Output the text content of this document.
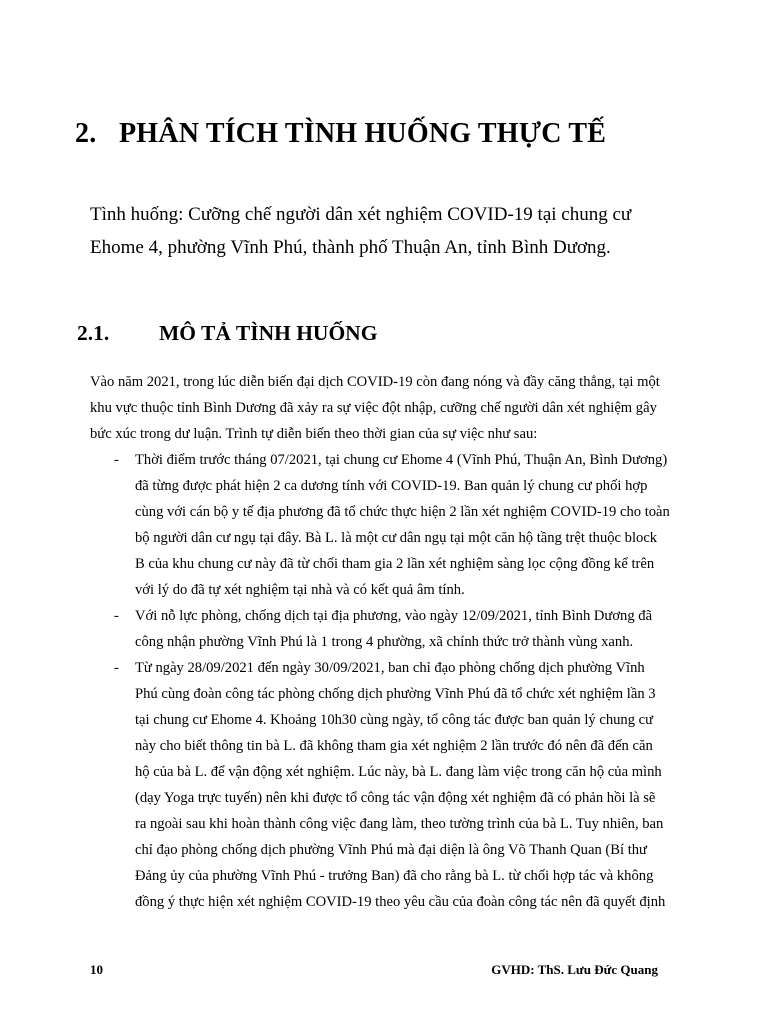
2. PHÂN TÍCH TÌNH HUỐNG THỰC TẾ

Tình huống: Cưỡng chế người dân xét nghiệm COVID-19 tại chung cư

Ehome 4, phường Vĩnh Phú, thành phố Thuận An, tỉnh Bình Dương.

2.1. MÔ TẢ TÌNH HUỐNG

Vào năm 2021, trong lúc diễn biến đại dịch COVID-19 còn đang nóng và đầy căng thẳng, tại một

khu vực thuộc tỉnh Bình Dương đã xảy ra sự việc đột nhập, cưỡng chế người dân xét nghiệm gây

bức xúc trong dư luận. Trình tự diễn biến theo thời gian của sự việc như sau:

- Thời điểm trước tháng 07/2021, tại chung cư Ehome 4 (Vĩnh Phú, Thuận An, Bình Dương)

đã từng được phát hiện 2 ca dương tính với COVID-19. Ban quản lý chung cư phối hợp

cùng với cán bộ y tế địa phương đã tổ chức thực hiện 2 lần xét nghiệm COVID-19 cho toàn

bộ người dân cư ngụ tại đây. Bà L. là một cư dân ngụ tại một căn hộ tầng trệt thuộc block

B của khu chung cư này đã từ chối tham gia 2 lần xét nghiệm sàng lọc cộng đồng kể trên

với lý do đã tự xét nghiệm tại nhà và có kết quả âm tính.

- Với nỗ lực phòng, chống dịch tại địa phương, vào ngày 12/09/2021, tỉnh Bình Dương đã

công nhận phường Vĩnh Phú là 1 trong 4 phường, xã chính thức trở thành vùng xanh.

- Từ ngày 28/09/2021 đến ngày 30/09/2021, ban chỉ đạo phòng chống dịch phường Vĩnh

Phú cùng đoàn công tác phòng chống dịch phường Vĩnh Phú đã tổ chức xét nghiệm lần 3

tại chung cư Ehome 4. Khoảng 10h30 cùng ngày, tổ công tác được ban quản lý chung cư

này cho biết thông tin bà L. đã không tham gia xét nghiệm 2 lần trước đó nên đã đến căn

hộ của bà L. để vận động xét nghiệm. Lúc này, bà L. đang làm việc trong căn hộ của mình

(dạy Yoga trực tuyến) nên khi được tổ công tác vận động xét nghiệm đã có phản hồi là sẽ

ra ngoài sau khi hoàn thành công việc đang làm, theo tường trình của bà L. Tuy nhiên, ban

chỉ đạo phòng chống dịch phường Vĩnh Phú mà đại diện là ông Võ Thanh Quan (Bí thư

Đảng ủy của phường Vĩnh Phú - trưởng Ban) đã cho rằng bà L. từ chối hợp tác và không

đồng ý thực hiện xét nghiệm COVID-19 theo yêu cầu của đoàn công tác nên đã quyết định

10	GVHD: ThS. Lưu Đức Quang
